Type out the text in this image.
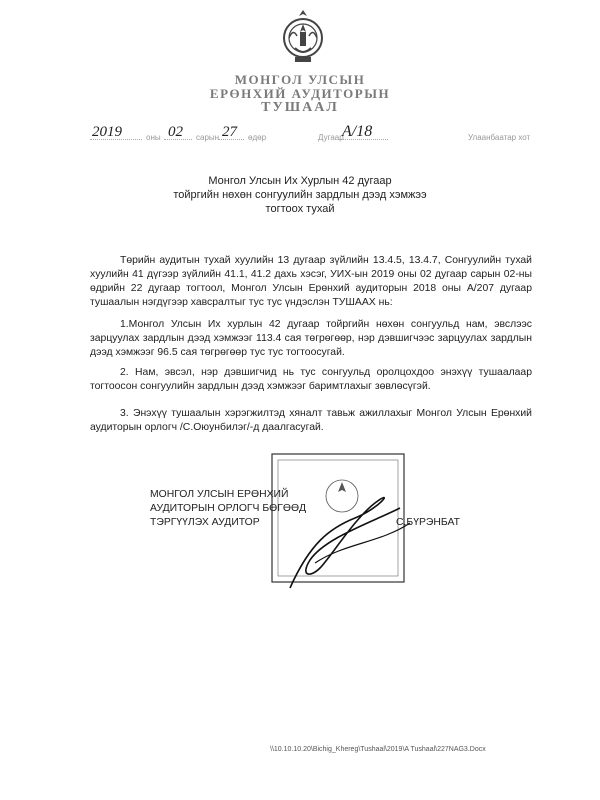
МОНГОЛ УЛСЫН
ЕРӨНХИЙ АУДИТОРЫН
ТУШААЛ
2019	оны 02 сарын 27 өдөр	Дугаар
А/18	Улаанбаатар хот
Монгол Улсын Их Хурлын 42 дугаар
тойргийн нөхөн сонгуулийн зардлын дээд хэмжээ
тогтоох тухай

Төрийн аудитын тухай хуулийн 13 дугаар зүйлийн 13.4.5, 13.4.7, Сонгуулийн тухай хуулийн 41 дүгээр зүйлийн 41.1, 41.2 дахь хэсэг, УИХ-ын 2019 оны 02 дугаар сарын 02-ны өдрийн 22 дугаар тогтоол, Монгол Улсын Ерөнхий аудиторын 2018 оны А/207 дугаар тушаалын нэгдүгээр хавсралтыг тус тус үндэслэн ТУШААХ нь:

1.Монгол Улсын Их хурлын 42 дугаар тойргийн нөхөн сонгуульд нам, эвслээс зарцуулах зардлын дээд хэмжээг 113.4 сая төгрөгөөр, нэр дэвшигчээс зарцуулах зардлын дээд хэмжээг 96.5 сая төгрөгөөр тус тус тогтоосугай.

2. Нам, эвсэл, нэр дэвшигчид нь тус сонгуульд оролцохдоо энэхүү тушаалаар тогтоосон сонгуулийн зардлын дээд хэмжээг баримтлахыг зөвлөсүгэй.

3. Энэхүү тушаалын хэрэгжилтэд хяналт тавьж ажиллахыг Монгол Улсын Ерөнхий аудиторын орлогч /С.Оюунбилэг/-д даалгасугай.

МОНГОЛ УЛСЫН ЕРӨНХИЙ
АУДИТОРЫН ОРЛОГЧ БӨГӨӨД
ТЭРГҮҮЛЭХ АУДИТОР	С.БҮРЭНБАТ
\\10.10.10.20\Bichig_Khereg\Tushaal\2019\A Tushaal\227NAG3.Docx
